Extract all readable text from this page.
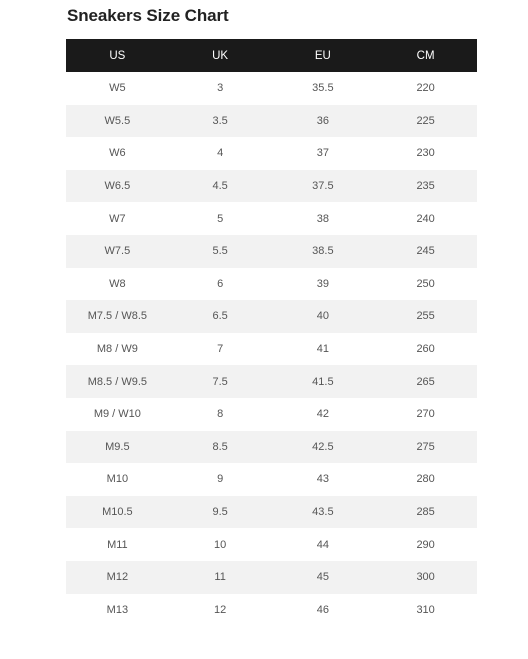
Sneakers Size Chart
US	UK	EU	CM
W5	3	35.5	220
W5.5	3.5	36	225
W6	4	37	230
W6.5	4.5	37.5	235
W7	5	38	240
W7.5	5.5	38.5	245
W8	6	39	250
M7.5 / W8.5	6.5	40	255
M8 / W9	7	41	260
M8.5 / W9.5	7.5	41.5	265
M9 / W10	8	42	270
M9.5	8.5	42.5	275
M10	9	43	280
M10.5	9.5	43.5	285
M11	10	44	290
M12	11	45	300
M13	12	46	310
